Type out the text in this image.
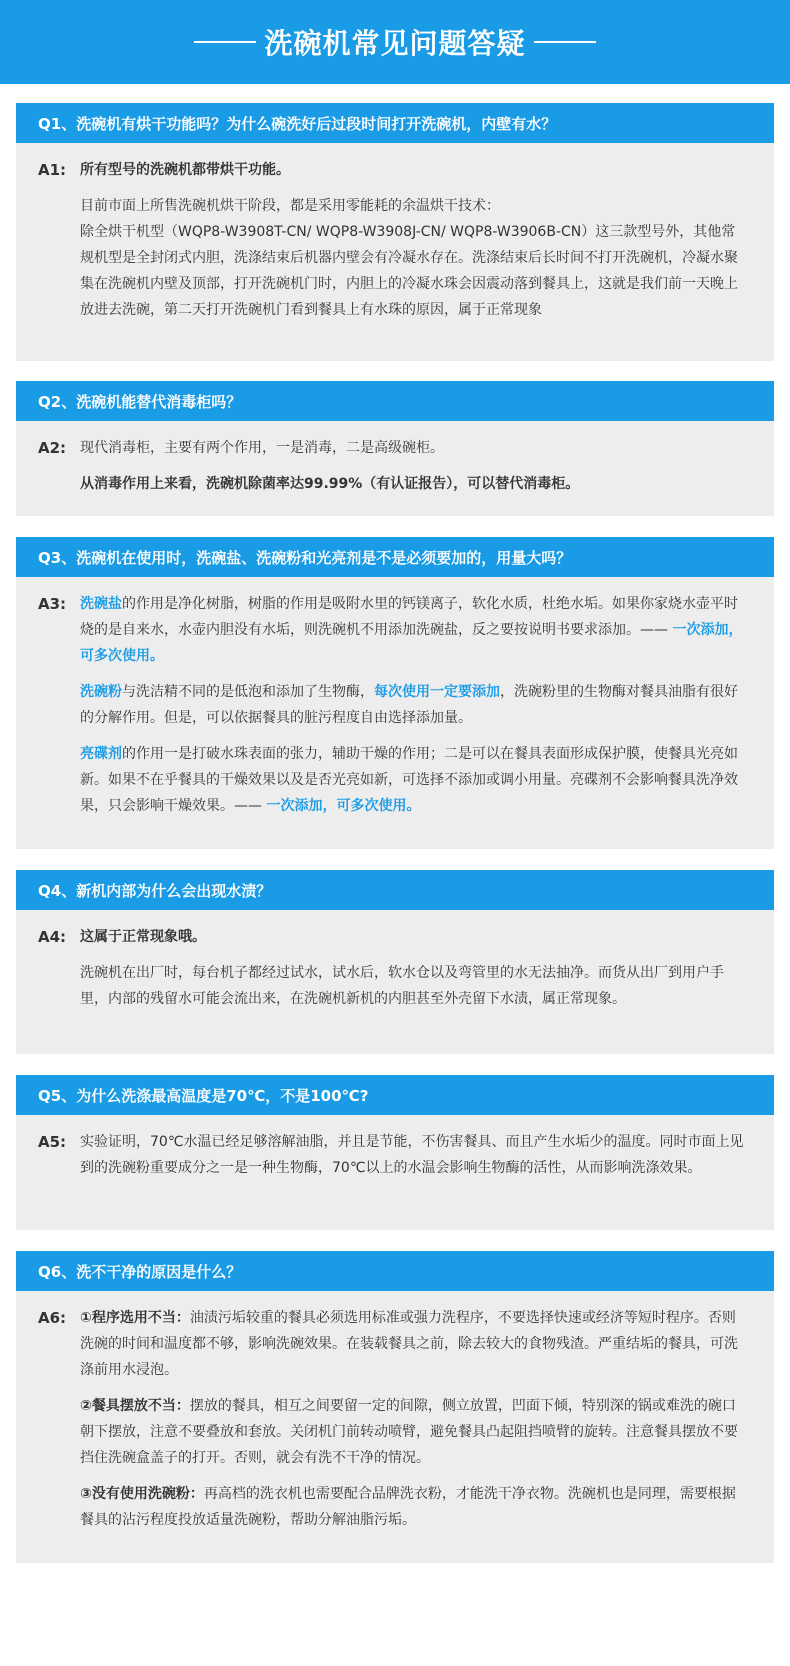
洗碗机常见问题答疑
Q1、洗碗机有烘干功能吗？为什么碗洗好后过段时间打开洗碗机，内壁有水？
A1: 所有型号的洗碗机都带烘干功能。

目前市面上所售洗碗机烘干阶段，都是采用零能耗的余温烘干技术：

除全烘干机型（WQP8-W3908T-CN/ WQP8-W3908J-CN/ WQP8-W3906B-CN）这三款型号外，其他常规机型是全封闭式内胆，洗涤结束后机器内壁会有冷凝水存在。洗涤结束后长时间不打开洗碗机，冷凝水聚集在洗碗机内壁及顶部，打开洗碗机门时，内胆上的冷凝水珠会因震动落到餐具上，这就是我们前一天晚上放进去洗碗，第二天打开洗碗机门看到餐具上有水珠的原因，属于正常现象

Q2、洗碗机能替代消毒柜吗？
A2: 现代消毒柜，主要有两个作用，一是消毒，二是高级碗柜。

从消毒作用上来看，洗碗机除菌率达99.99%（有认证报告），可以替代消毒柜。

Q3、洗碗机在使用时，洗碗盐、洗碗粉和光亮剂是不是必须要加的，用量大吗？
A3: 洗碗盐的作用是净化树脂，树脂的作用是吸附水里的钙镁离子，软化水质，杜绝水垢。如果你家烧水壶平时烧的是自来水，水壶内胆没有水垢，则洗碗机不用添加洗碗盐，反之要按说明书要求添加。—— 一次添加，可多次使用。

洗碗粉与洗洁精不同的是低泡和添加了生物酶，每次使用一定要添加，洗碗粉里的生物酶对餐具油脂有很好的分解作用。但是，可以依据餐具的脏污程度自由选择添加量。

亮碟剂的作用一是打破水珠表面的张力，辅助干燥的作用；二是可以在餐具表面形成保护膜，使餐具光亮如新。如果不在乎餐具的干燥效果以及是否光亮如新，可选择不添加或调小用量。亮碟剂不会影响餐具洗净效果，只会影响干燥效果。—— 一次添加，可多次使用。

Q4、新机内部为什么会出现水渍？
A4: 这属于正常现象哦。

洗碗机在出厂时，每台机子都经过试水，试水后，软水仓以及弯管里的水无法抽净。而货从出厂到用户手里，内部的残留水可能会流出来，在洗碗机新机的内胆甚至外壳留下水渍，属正常现象。

Q5、为什么洗涤最高温度是70℃，不是100℃?
A5: 实验证明，70℃水温已经足够溶解油脂，并且是节能，不伤害餐具、而且产生水垢少的温度。同时市面上见到的洗碗粉重要成分之一是一种生物酶，70℃以上的水温会影响生物酶的活性，从而影响洗涤效果。

Q6、洗不干净的原因是什么？
A6: ①程序选用不当：油渍污垢较重的餐具必须选用标准或强力洗程序，不要选择快速或经济等短时程序。否则洗碗的时间和温度都不够，影响洗碗效果。在装载餐具之前，除去较大的食物残渣。严重结垢的餐具，可洗涤前用水浸泡。

②餐具摆放不当：摆放的餐具，相互之间要留一定的间隙，侧立放置，凹面下倾，特别深的锅或难洗的碗口朝下摆放，注意不要叠放和套放。关闭机门前转动喷臂，避免餐具凸起阻挡喷臂的旋转。注意餐具摆放不要挡住洗碗盒盖子的打开。否则，就会有洗不干净的情况。

③没有使用洗碗粉：再高档的洗衣机也需要配合品牌洗衣粉，才能洗干净衣物。洗碗机也是同理，需要根据餐具的沾污程度投放适量洗碗粉，帮助分解油脂污垢。
